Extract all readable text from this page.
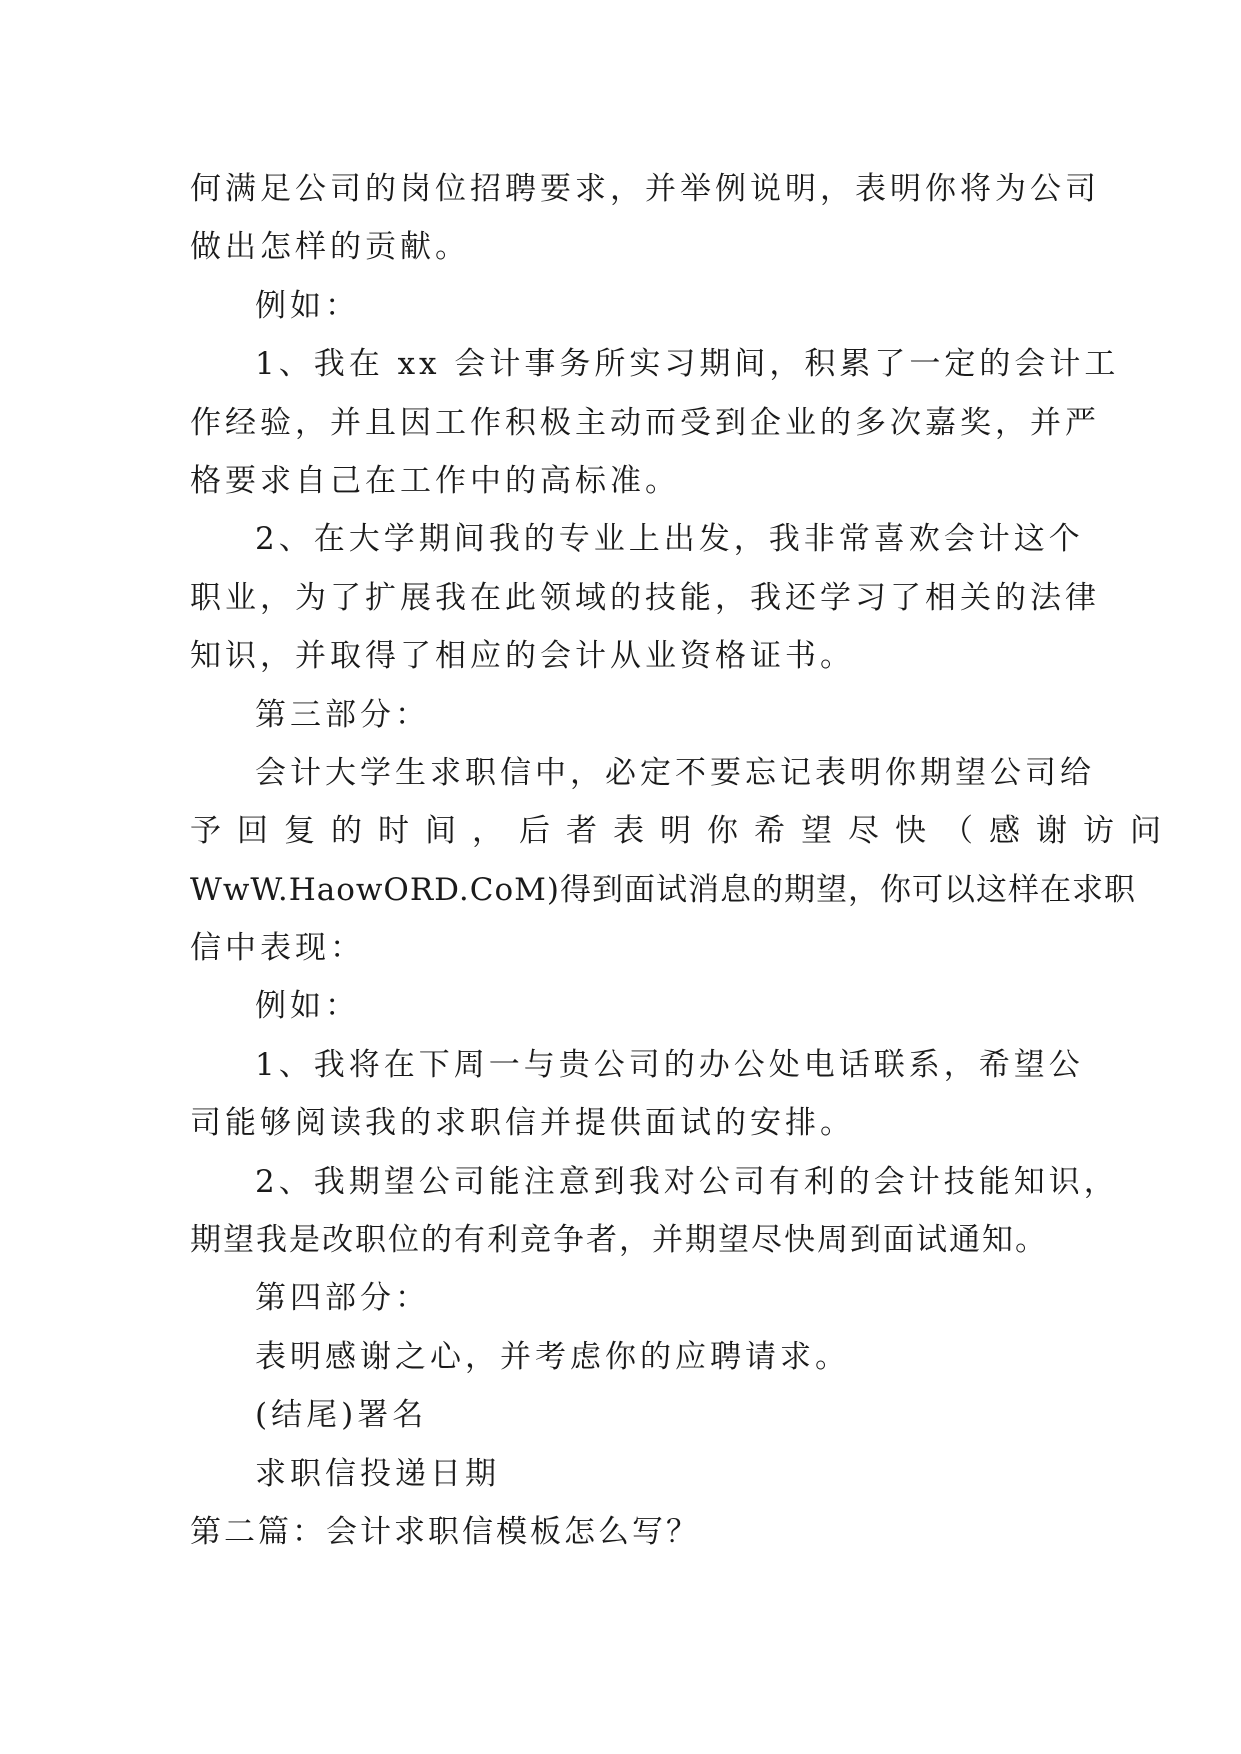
何满足公司的岗位招聘要求，并举例说明，表明你将为公司
做出怎样的贡献。
例如：
1、我在 xx 会计事务所实习期间，积累了一定的会计工
作经验，并且因工作积极主动而受到企业的多次嘉奖，并严
格要求自己在工作中的高标准。
2、在大学期间我的专业上出发，我非常喜欢会计这个
职业，为了扩展我在此领域的技能，我还学习了相关的法律
知识，并取得了相应的会计从业资格证书。
第三部分：
会计大学生求职信中，必定不要忘记表明你期望公司给
予回复的时间，后者表明你希望尽快（感谢访问
WwW.HaowORD.CoM)得到面试消息的期望，你可以这样在求职
信中表现：
例如：
1、我将在下周一与贵公司的办公处电话联系，希望公
司能够阅读我的求职信并提供面试的安排。
2、我期望公司能注意到我对公司有利的会计技能知识，
期望我是改职位的有利竞争者，并期望尽快周到面试通知。
第四部分：
表明感谢之心，并考虑你的应聘请求。
(结尾)署名
求职信投递日期
第二篇：会计求职信模板怎么写？
